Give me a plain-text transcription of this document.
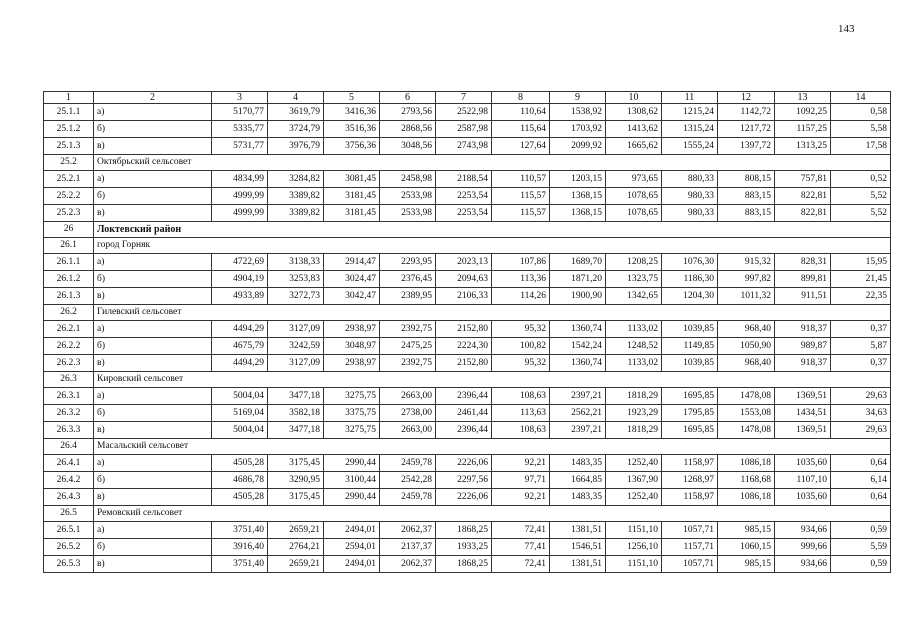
143
1	2	3	4	5	6	7	8	9	10	11	12	13	14
25.1.1	а)	5170,77	3619,79	3416,36	2793,56	2522,98	110,64	1538,92	1308,62	1215,24	1142,72	1092,25	0,58
25.1.2	б)	5335,77	3724,79	3516,36	2868,56	2587,98	115,64	1703,92	1413,62	1315,24	1217,72	1157,25	5,58
25.1.3	в)	5731,77	3976,79	3756,36	3048,56	2743,98	127,64	2099,92	1665,62	1555,24	1397,72	1313,25	17,58
25.2	Октябрьский сельсовет												
25.2.1	а)	4834,99	3284,82	3081,45	2458,98	2188,54	110,57	1203,15	973,65	880,33	808,15	757,81	0,52
25.2.2	б)	4999,99	3389,82	3181,45	2533,98	2253,54	115,57	1368,15	1078,65	980,33	883,15	822,81	5,52
25.2.3	в)	4999,99	3389,82	3181,45	2533,98	2253,54	115,57	1368,15	1078,65	980,33	883,15	822,81	5,52
26	Локтевский район												
26.1	город Горняк												
26.1.1	а)	4722,69	3138,33	2914,47	2293,95	2023,13	107,86	1689,70	1208,25	1076,30	915,32	828,31	15,95
26.1.2	б)	4904,19	3253,83	3024,47	2376,45	2094,63	113,36	1871,20	1323,75	1186,30	997,82	899,81	21,45
26.1.3	в)	4933,89	3272,73	3042,47	2389,95	2106,33	114,26	1900,90	1342,65	1204,30	1011,32	911,51	22,35
26.2	Гилевский сельсовет												
26.2.1	а)	4494,29	3127,09	2938,97	2392,75	2152,80	95,32	1360,74	1133,02	1039,85	968,40	918,37	0,37
26.2.2	б)	4675,79	3242,59	3048,97	2475,25	2224,30	100,82	1542,24	1248,52	1149,85	1050,90	989,87	5,87
26.2.3	в)	4494,29	3127,09	2938,97	2392,75	2152,80	95,32	1360,74	1133,02	1039,85	968,40	918,37	0,37
26.3	Кировский сельсовет												
26.3.1	а)	5004,04	3477,18	3275,75	2663,00	2396,44	108,63	2397,21	1818,29	1695,85	1478,08	1369,51	29,63
26.3.2	б)	5169,04	3582,18	3375,75	2738,00	2461,44	113,63	2562,21	1923,29	1795,85	1553,08	1434,51	34,63
26.3.3	в)	5004,04	3477,18	3275,75	2663,00	2396,44	108,63	2397,21	1818,29	1695,85	1478,08	1369,51	29,63
26.4	Масальский сельсовет												
26.4.1	а)	4505,28	3175,45	2990,44	2459,78	2226,06	92,21	1483,35	1252,40	1158,97	1086,18	1035,60	0,64
26.4.2	б)	4686,78	3290,95	3100,44	2542,28	2297,56	97,71	1664,85	1367,90	1268,97	1168,68	1107,10	6,14
26.4.3	в)	4505,28	3175,45	2990,44	2459,78	2226,06	92,21	1483,35	1252,40	1158,97	1086,18	1035,60	0,64
26.5	Ремовский сельсовет												
26.5.1	а)	3751,40	2659,21	2494,01	2062,37	1868,25	72,41	1381,51	1151,10	1057,71	985,15	934,66	0,59
26.5.2	б)	3916,40	2764,21	2594,01	2137,37	1933,25	77,41	1546,51	1256,10	1157,71	1060,15	999,66	5,59
26.5.3	в)	3751,40	2659,21	2494,01	2062,37	1868,25	72,41	1381,51	1151,10	1057,71	985,15	934,66	0,59
